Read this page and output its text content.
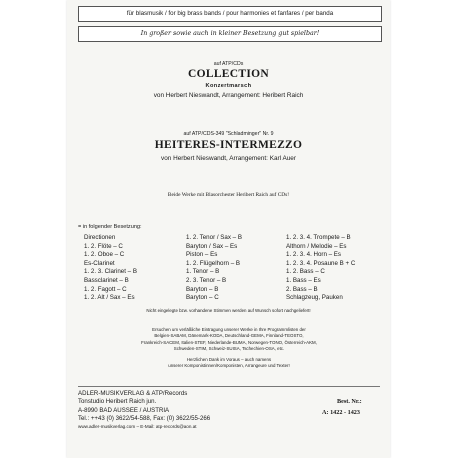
für blasmusik / for big brass bands / pour harmonies et fanfares / per banda
In großer sowie auch in kleiner Besetzung gut spielbar!
auf ATP/CDs
COLLECTION
Konzertmarsch
von Herbert Nieswandt, Arrangement: Heribert Raich
auf ATP/CDS-349 "Schladminger" Nr. 9
HEITERES-INTERMEZZO
von Herbert Nieswandt, Arrangement: Karl Auer
Beide Werke mit Blasorchester Heribert Raich auf CDs!
= in folgender Besetzung:
Directionen
1. 2. Flöte – C
1. 2. Oboe – C
Es-Clarinet
1. 2. 3. Clarinet – B
Bassclarinet – B
1. 2. Fagott – C
1. 2. Alt / Sax – Es
1. 2. Tenor / Sax – B
Baryton / Sax – Es
Piston – Es
1. 2. Flügelhorn – B
1. Tenor – B
2. 3. Tenor – B
Baryton – B
Baryton – C
1. 2. 3. 4. Trompete – B
Althorn / Melodie – Es
1. 2. 3. 4. Horn – Es
1. 2. 3. 4. Posaune B + C
1. 2. Bass – C
1. Bass – Es
2. Bass – B
Schlagzeug, Pauken
Nicht eingelegte bzw. vorhandene Stimmen werden auf Wunsch sofort nachgeliefert!
Ersuchen um verläßliche Eintragung unserer Werke in Ihre Programmlisten der
Belgien-SABAM, Dänemark-KODA, Deutschland-GEMA, Finnland-TEOSTO,
Frankreich-SACEM, Italien-STEF, Niederlande-BUMA, Norwegen-TONO, Österreich-AKM,
Schweden-STIM, Schweiz-SUISA, Tschechien-OSA, etc.
Herzlichen Dank im Voraus – auch namens
unserer Komponistinnen/Komponisten, Arrangeure und Texter!
ADLER-MUSIKVERLAG & ATP/Records
Tonstudio Heribert Raich jun.
A-8990 BAD AUSSEE / AUSTRIA
Tel.: ++43 (0) 3622/54-588, Fax: (0) 3622/55-266
www.adler-musikverlag.com – E-Mail: atp-records@aon.at
Best. Nr.:
A: 1422 - 1423
